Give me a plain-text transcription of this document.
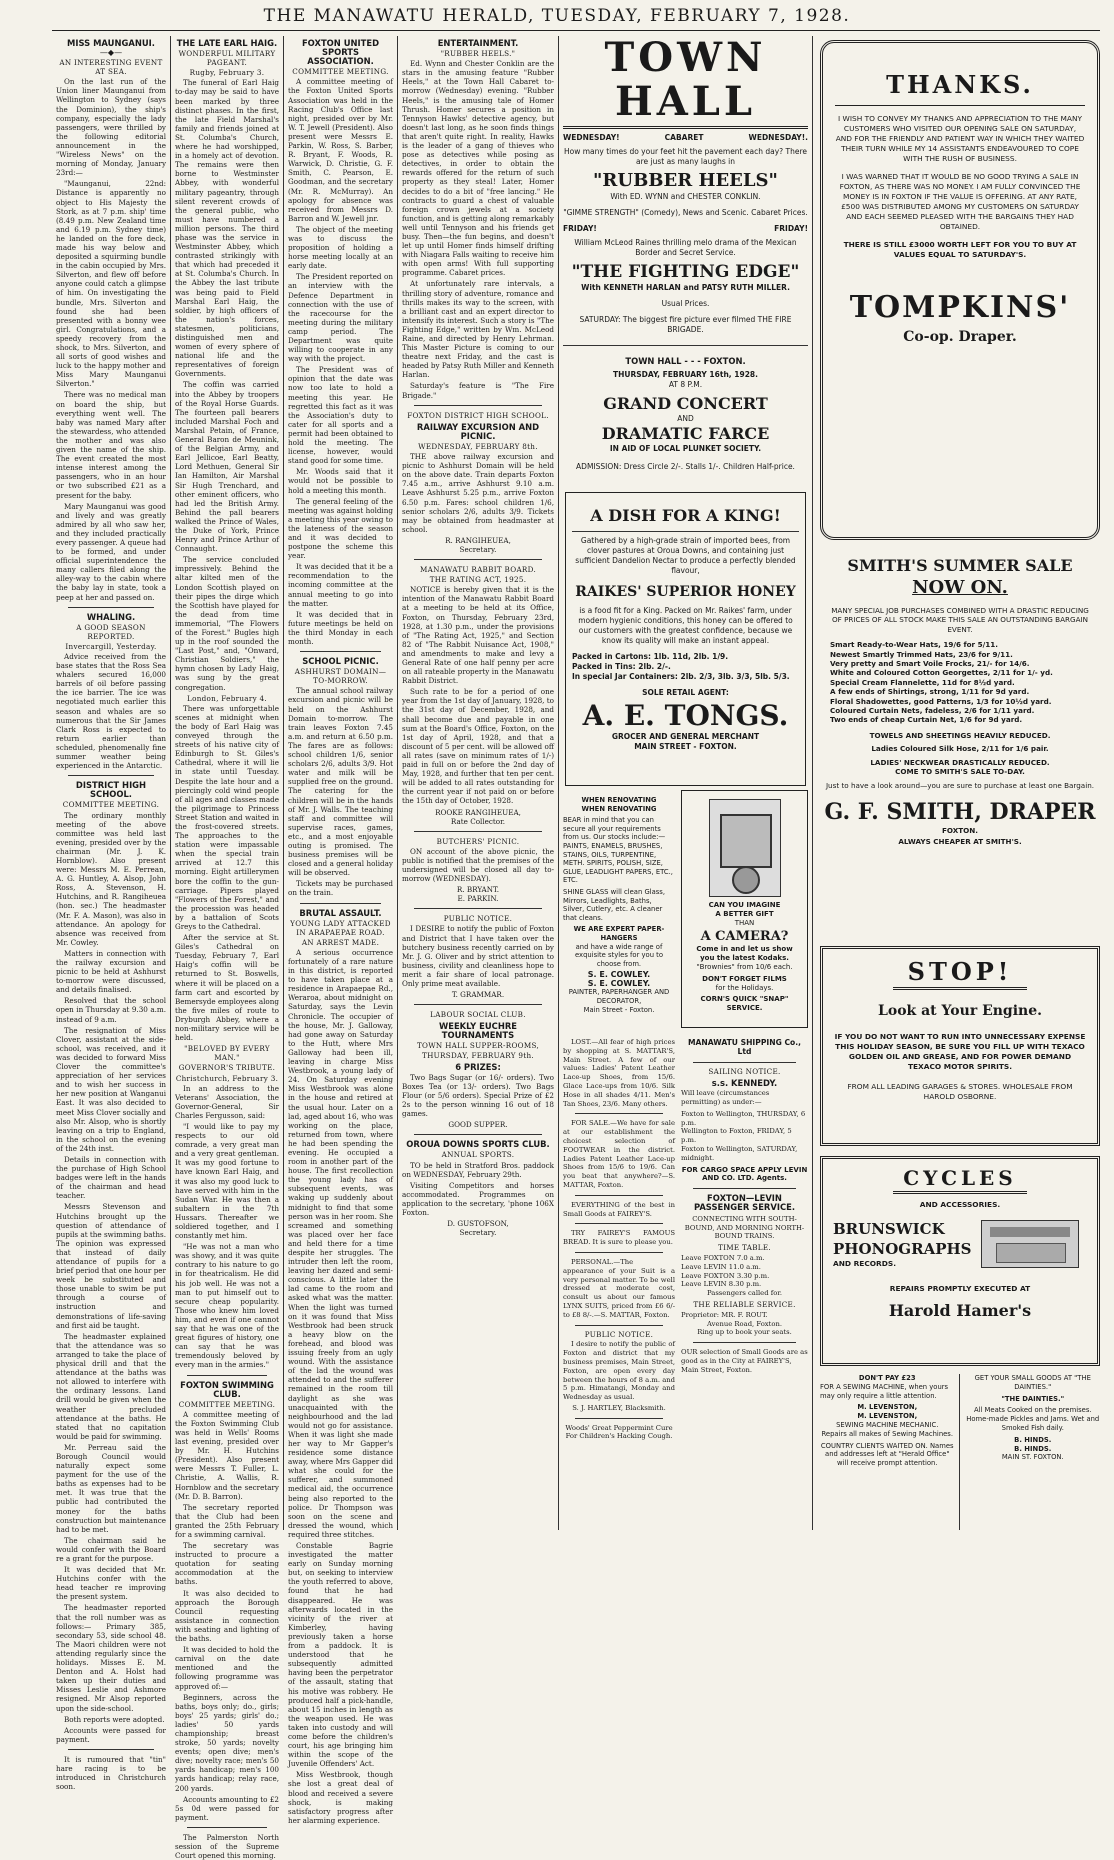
THE MANAWATU HERALD, TUESDAY, FEBRUARY 7, 1928.
MISS MAUNGANUI.
—◆—
AN INTERESTING EVENT AT SEA.

On the last run of the Union liner Maunganui from Wellington to Sydney (says the Dominion), the ship's company, especially the lady passengers, were thrilled by the following editorial announcement in the "Wireless News" on the morning of Monday, January 23rd:—

"Maunganui, 22nd: Distance is apparently no object to His Majesty the Stork, as at 7 p.m. ship' time (8.49 p.m. New Zealand time and 6.19 p.m. Sydney time) he landed on the fore deck, made his way below and deposited a squirming bundle in the cabin occupied by Mrs. Silverton, and flew off before anyone could catch a glimpse of him. On investigating the bundle, Mrs. Silverton and found she had been presented with a bonny wee girl. Congratulations, and a speedy recovery from the shock, to Mrs. Silverton, and all sorts of good wishes and luck to the happy mother and Miss Mary Maunganui Silverton."

There was no medical man on board the ship, but everything went well. The baby was named Mary after the stewardess, who attended the mother and was also given the name of the ship. The event created the most intense interest among the passengers, who in an hour or two subscribed £21 as a present for the baby.

Mary Maunganui was good and lively and was greatly admired by all who saw her, and they included practically every passenger. A queue had to be formed, and under official superintendence the many callers filed along the alley-way to the cabin where the baby lay in state, took a peep at her and passed on.

WHALING.
A GOOD SEASON REPORTED.
Invercargill, Yesterday.

Advice received from the base states that the Ross Sea whalers secured 16,000 barrels of oil before passing the ice barrier. The ice was negotiated much earlier this season and whales are so numerous that the Sir James Clark Ross is expected to return earlier than scheduled, phenomenally fine summer weather being experienced in the Antarctic.

DISTRICT HIGH SCHOOL.
COMMITTEE MEETING.

The ordinary monthly meeting of the above committee was held last evening, presided over by the chairman (Mr. J. K. Hornblow). Also present were: Messrs M. E. Perrean, A. G. Huntley, A. Alsop, John Ross, A. Stevenson, H. Hutchins, and R. Rangiheuea (hon. sec.) The headmaster (Mr. F. A. Mason), was also in attendance. An apology for absence was received from Mr. Cowley.

Matters in connection with the railway excursion and picnic to be held at Ashhurst to-morrow were discussed, and details finalised.

Resolved that the school open in Thursday at 9.30 a.m. instead of 9 a.m.

The resignation of Miss Clover, assistant at the side-school, was received, and it was decided to forward Miss Clover the committee's appreciation of her services and to wish her success in her new position at Wanganui East. It was also decided to meet Miss Clover socially and also Mr. Alsop, who is shortly leaving on a trip to England, in the school on the evening of the 24th inst.

Details in connection with the purchase of High School badges were left in the hands of the chairman and head teacher.

Messrs Stevenson and Hutchins brought up the question of attendance of pupils at the swimming baths. The opinion was expressed that instead of daily attendance of pupils for a brief period that one hour per week be substituted and those unable to swim be put through a course of instruction and demonstrations of life-saving and first aid be taught.

The headmaster explained that the attendance was so arranged to take the place of physical drill and that the attendance at the baths was not allowed to interfere with the ordinary lessons. Land drill would be given when the weather precluded attendance at the baths. He stated that no capitation would be paid for swimming.

Mr. Perreau said the Borough Council would naturally expect some payment for the use of the baths as expenses had to be met. It was true that the public had contributed the money for the baths construction but maintenance had to be met.

The chairman said he would confer with the Board re a grant for the purpose.

It was decided that Mr. Hutchins confer with the head teacher re improving the present system.

The headmaster reported that the roll number was as follows:— Primary 385, secondary 53, side school 48. The Maori children were not attending regularly since the holidays. Misses E. M. Denton and A. Holst had taken up their duties and Misses Leslie and Ashmore resigned. Mr Alsop reported upon the side-school.

Both reports were adopted.

Accounts were passed for payment.

It is rumoured that "tin" hare racing is to be introduced in Christchurch soon.

THE LATE EARL HAIG.
WONDERFUL MILITARY PAGEANT.
Rugby, February 3.

The funeral of Earl Haig to-day may be said to have been marked by three distinct phases. In the first, the late Field Marshal's family and friends joined at St. Columba's Church, where he had worshipped, in a homely act of devotion. The remains were then borne to Westminster Abbey, with wonderful military pageantry, through silent reverent crowds of the general public, who must have numbered a million persons. The third phase was the service in Westminster Abbey, which contrasted strikingly with that which had preceded it at St. Columba's Church. In the Abbey the last tribute was being paid to Field Marshal Earl Haig, the soldier, by high officers of the nation's forces, statesmen, politicians, distinguished men and women of every sphere of national life and the representatives of foreign Governments.

The coffin was carried into the Abbey by troopers of the Royal Horse Guards. The fourteen pall bearers included Marshal Foch and Marshal Petain, of France, General Baron de Meunink, of the Belgian Army, and Earl Jellicoe, Earl Beatty, Lord Methuen, General Sir Ian Hamilton, Air Marshal Sir Hugh Trenchard, and other eminent officers, who had led the British Army. Behind the pall bearers walked the Prince of Wales, the Duke of York, Prince Henry and Prince Arthur of Connaught.

The service concluded impressively. Behind the altar kilted men of the London Scottish played on their pipes the dirge which the Scottish have played for the dead from time immemorial, "The Flowers of the Forest." Bugles high up in the roof sounded the "Last Post," and, "Onward, Christian Soldiers," the hymn chosen by Lady Haig, was sung by the great congregation.

London, February 4.

There was unforgettable scenes at midnight when the body of Earl Haig was conveyed through the streets of his native city of Edinburgh to St. Giles's Cathedral, where it will lie in state until Tuesday. Despite the late hour and a piercingly cold wind people of all ages and classes made the pilgrimage to Princess Street Station and waited in the frost-covered streets. The approaches to the station were impassable when the special train arrived at 12.7 this morning. Eight artillerymen bore the coffin to the gun-carriage. Pipers played "Flowers of the Forest," and the procession was headed by a battalion of Scots Greys to the Cathedral.

After the service at St. Giles's Cathedral on Tuesday, February 7, Earl Haig's coffin will be returned to St. Boswells, where it will be placed on a farm cart and escorted by Bemersyde employees along the five miles of route to Dryburgh Abbey, where a non-military service will be held.

"BELOVED BY EVERY MAN."
GOVERNOR'S TRIBUTE.
Christchurch, February 3.

In an address to the Veterans' Association, the Governor-General, Sir Charles Fergusson, said:

"I would like to pay my respects to our old comrade, a very great man and a very great gentleman. It was my good fortune to have known Earl Haig, and it was also my good luck to have served with him in the Sudan War. He was then a subaltern in the 7th Hussars. Thereafter we soldiered together, and I constantly met him.

"He was not a man who was showy, and it was quite contrary to his nature to go in for theatricalism. He did his job well. He was not a man to put himself out to secure cheap popularity. Those who knew him loved him, and even if one cannot say that he was one of the great figures of history, one can say that he was tremendously beloved by every man in the armies."

FOXTON SWIMMING CLUB.
COMMITTEE MEETING.

A committee meeting of the Foxton Swimming Club was held in Wells' Rooms last evening, presided over by Mr. H. Hutchins (President). Also present were Messrs T. Fuller, L. Christie, A. Wallis, R. Hornblow and the secretary (Mr. D. B. Barron).

The secretary reported that the Club had been granted the 25th February for a swimming carnival.

The secretary was instructed to procure a quotation for seating accommodation at the baths.

It was also decided to approach the Borough Council requesting assistance in connection with seating and lighting of the baths.

It was decided to hold the carnival on the date mentioned and the following programme was approved of:—

Beginners, across the baths, boys only; do., girls; boys' 25 yards; girls' do.; ladies' 50 yards championship; breast stroke, 50 yards; novelty events; open dive; men's dive; novelty race; men's 50 yards handicap; men's 100 yards handicap; relay race, 200 yards.

Accounts amounting to £2 5s 0d were passed for payment.

The Palmerston North session of the Supreme Court opened this morning.

FOXTON UNITED SPORTS ASSOCIATION.
COMMITTEE MEETING.

A committee meeting of the Foxton United Sports Association was held in the Racing Club's Office last night, presided over by Mr. W. T. Jewell (President). Also present were Messrs E. Parkin, W. Ross, S. Barber, R. Bryant, F. Woods, R. Warwick, D. Christie, G. F. Smith, C. Pearson, E. Goodman, and the secretary (Mr. R. McMurray). An apology for absence was received from Messrs D. Barron and W. Jewell jnr.

The object of the meeting was to discuss the proposition of holding a horse meeting locally at an early date.

The President reported on an interview with the Defence Department in connection with the use of the racecourse for the meeting during the military camp period. The Department was quite willing to cooperate in any way with the project.

The President was of opinion that the date was now too late to hold a meeting this year. He regretted this fact as it was the Association's duty to cater for all sports and a permit had been obtained to hold the meeting. The license, however, would stand good for some time.

Mr. Woods said that it would not be possible to hold a meeting this month.

The general feeling of the meeting was against holding a meeting this year owing to the lateness of the season and it was decided to postpone the scheme this year.

It was decided that it be a recommendation to the incoming committee at the annual meeting to go into the matter.

It was decided that in future meetings be held on the third Monday in each month.

SCHOOL PICNIC.
ASHHURST DOMAIN—TO-MORROW.

The annual school railway excursion and picnic will be held on the Ashhurst Domain to-morrow. The train leaves Foxton 7.45 a.m. and return at 6.50 p.m. The fares are as follows: school children 1/6, senior scholars 2/6, adults 3/9. Hot water and milk will be supplied free on the ground. The catering for the children will be in the hands of Mr. J. Walls. The teaching staff and committee will supervise races, games, etc., and a most enjoyable outing is promised. The business premises will be closed and a general holiday will be observed.

Tickets may be purchased on the train.

BRUTAL ASSAULT.
YOUNG LADY ATTACKED IN ARAPAEPAE ROAD.
AN ARREST MADE.

A serious occurrence fortunately of a rare nature in this district, is reported to have taken place at a residence in Arapaepae Rd., Weraroa, about midnight on Saturday, says the Levin Chronicle. The occupier of the house, Mr. J. Galloway, had gone away on Saturday to the Hutt, where Mrs Galloway had been ill, leaving in charge Miss Westbrook, a young lady of 24. On Saturday evening Miss Westbrook was alone in the house and retired at the usual hour. Later on a lad, aged about 16, who was working on the place, returned from town, where he had been spending the evening. He occupied a room in another part of the house. The first recollection the young lady has of subsequent events, was waking up suddenly about midnight to find that some person was in her room. She screamed and something was placed over her face and held there for a time despite her struggles. The intruder then left the room, leaving her dazed and semi-conscious. A little later the lad came to the room and asked what was the matter. When the light was turned on it was found that Miss Westbrook had been struck a heavy blow on the forehead, and blood was issuing freely from an ugly wound. With the assistance of the lad the wound was attended to and the sufferer remained in the room till daylight as she was unacquainted with the neighbourhood and the lad would not go for assistance. When it was light she made her way to Mr Gapper's residence some distance away, where Mrs Gapper did what she could for the sufferer, and summoned medical aid, the occurrence being also reported to the police. Dr Thompson was soon on the scene and dressed the wound, which required three stitches.

Constable Bagrie investigated the matter early on Sunday morning but, on seeking to interview the youth referred to above, found that he had disappeared. He was afterwards located in the vicinity of the river at Kimberley, having previously taken a horse from a paddock. It is understood that he subsequently admitted having been the perpetrator of the assault, stating that his motive was robbery. He produced half a pick-handle, about 15 inches in length as the weapon used. He was taken into custody and will come before the children's court, his age bringing him within the scope of the Juvenile Offenders' Act.

Miss Westbrook, though she lost a great deal of blood and received a severe shock, is making satisfactory progress after her alarming experience.

ENTERTAINMENT.
"RUBBER HEELS."

Ed. Wynn and Chester Conklin are the stars in the amusing feature "Rubber Heels," at the Town Hall Cabaret to-morrow (Wednesday) evening. "Rubber Heels," is the amusing tale of Homer Thrush. Homer secures a position in Tennyson Hawks' detective agency, but doesn't last long, as he soon finds things that aren't quite right. In reality, Hawks is the leader of a gang of thieves who pose as detectives while posing as detectives, in order to obtain the rewards offered for the return of such property as they steal! Later, Homer decides to do a bit of "free lancing." He contracts to guard a chest of valuable foreign crown jewels at a society function, and is getting along remarkably well until Tennyson and his friends get busy. Then—the fun begins, and doesn't let up until Homer finds himself drifting with Niagara Falls waiting to receive him with open arms! With full supporting programme. Cabaret prices.

At unfortunately rare intervals, a thrilling story of adventure, romance and thrills makes its way to the screen, with a brilliant cast and an expert director to intensify its interest. Such a story is "The Fighting Edge," written by Wm. McLeod Raine, and directed by Henry Lehrman. This Master Picture is coming to our theatre next Friday, and the cast is headed by Patsy Ruth Miller and Kenneth Harlan.

Saturday's feature is "The Fire Brigade."

FOXTON DISTRICT HIGH SCHOOL.
RAILWAY EXCURSION AND PICNIC.
WEDNESDAY, FEBRUARY 8th.

THE above railway excursion and picnic to Ashhurst Domain will be held on the above date. Train departs Foxton 7.45 a.m., arrive Ashhurst 9.10 a.m. Leave Ashhurst 5.25 p.m., arrive Foxton 6.50 p.m. Fares: school children 1/6, senior scholars 2/6, adults 3/9. Tickets may be obtained from headmaster at school.

R. RANGIHEUEA,
Secretary.
MANAWATU RABBIT BOARD.
THE RATING ACT, 1925.

NOTICE is hereby given that it is the intention of the Manawatu Rabbit Board at a meeting to be held at its Office, Foxton, on Thursday, February 23rd, 1928, at 1.30 p.m., under the provisions of "The Rating Act, 1925," and Section 82 of "The Rabbit Nuisance Act, 1908," and amendments to make and levy a General Rate of one half penny per acre on all rateable property in the Manawatu Rabbit District.

Such rate to be for a period of one year from the 1st day of January, 1928, to the 31st day of December, 1928, and shall become due and payable in one sum at the Board's Office, Foxton, on the 1st day of April, 1928, and that a discount of 5 per cent. will be allowed off all rates (save on minimum rates of 1/-) paid in full on or before the 2nd day of May, 1928, and further that ten per cent. will be added to all rates outstanding for the current year if not paid on or before the 15th day of October, 1928.

ROOKE RANGIHEUEA,
Rate Collector.
BUTCHERS' PICNIC.

ON account of the above picnic, the public is notified that the premises of the undersigned will be closed all day to-morrow (WEDNESDAY).

R. BRYANT.
E. PARKIN.
PUBLIC NOTICE.

I DESIRE to notify the public of Foxton and District that I have taken over the butchery business recently carried on by Mr. J. G. Oliver and by strict attention to business, civility and cleanliness hope to merit a fair share of local patronage. Only prime meat available.

T. GRAMMAR.
LABOUR SOCIAL CLUB.
WEEKLY EUCHRE TOURNAMENTS
TOWN HALL SUPPER-ROOMS, THURSDAY, FEBRUARY 9th.
6 PRIZES:

Two Bags Sugar (or 16/- orders). Two Boxes Tea (or 13/- orders). Two Bags Flour (or 5/6 orders). Special Prize of £2 2s to the person winning 16 out of 18 games.

GOOD SUPPER.
OROUA DOWNS SPORTS CLUB.
ANNUAL SPORTS.

TO be held in Stratford Bros. paddock on WEDNESDAY, February 29th.

Visiting Competitors and horses accommodated. Programmes on application to the secretary, 'phone 106X Foxton.

D. GUSTOFSON,
Secretary.
TOWN HALL
WEDNESDAY!	CABARET	WEDNESDAY!.
How many times do your feet hit the pavement each day? There are just as many laughs in
"RUBBER HEELS"
With ED. WYNN and CHESTER CONKLIN.
"GIMME STRENGTH" (Comedy), News and Scenic. Cabaret Prices.
FRIDAY!	FRIDAY!
William McLeod Raines thrilling melo drama of the Mexican Border and Secret Service.
"THE FIGHTING EDGE"
With KENNETH HARLAN and PATSY RUTH MILLER.
Usual Prices.
SATURDAY: The biggest fire picture ever filmed THE FIRE BRIGADE.
TOWN HALL - - - FOXTON.
THURSDAY, FEBRUARY 16th, 1928.
AT 8 P.M.
GRAND CONCERT
AND
DRAMATIC FARCE
IN AID OF LOCAL PLUNKET SOCIETY.
ADMISSION: Dress Circle 2/-. Stalls 1/-. Children Half-price.
A DISH FOR A KING!
Gathered by a high-grade strain of imported bees, from clover pastures at Oroua Downs, and containing just sufficient Dandelion Nectar to produce a perfectly blended flavour,
RAIKES' SUPERIOR HONEY
is a food fit for a King. Packed on Mr. Raikes' farm, under modern hygienic conditions, this honey can be offered to our customers with the greatest confidence, because we know its quality will make an instant appeal.
Packed in Cartons: 1lb. 11d, 2lb. 1/9.
Packed in Tins: 2lb. 2/-.
In special Jar Containers: 2lb. 2/3, 3lb. 3/3, 5lb. 5/3.
SOLE RETAIL AGENT:
A. E. TONGS.
GROCER AND GENERAL MERCHANT
MAIN STREET - FOXTON.
WHEN RENOVATING
WHEN RENOVATING
BEAR in mind that you can secure all your requirements from us. Our stocks include:—
PAINTS, ENAMELS, BRUSHES, STAINS, OILS, TURPENTINE, METH. SPIRITS, POLISH, SIZE, GLUE, LEADLIGHT PAPERS, ETC., ETC.
SHINE GLASS will clean Glass, Mirrors, Leadlights, Baths, Silver, Cutlery, etc. A cleaner that cleans.
WE ARE EXPERT PAPER-HANGERS
and have a wide range of exquisite styles for you to choose from.
S. E. COWLEY.
S. E. COWLEY.
PAINTER, PAPERHANGER AND DECORATOR,
Main Street - Foxton.
CAN YOU IMAGINE
A BETTER GIFT
THAN
A CAMERA?
Come in and let us show you the latest Kodaks.
"Brownies" from 10/6 each.
DON'T FORGET FILMS
for the Holidays.
CORN'S QUICK "SNAP" SERVICE.

LOST.—All fear of high prices by shopping at S. MATTAR'S, Main Street. A few of our values: Ladies' Patent Leather Lace-up Shoes, from 15/6. Glace Lace-ups from 10/6. Silk Hose in all shades 4/11. Men's Tan Shoes, 23/6. Many others.

FOR SALE.—We have for sale at our establishment the choicest selection of FOOTWEAR in the district. Ladies Patent Leather Lace-up Shoes from 15/6 to 19/6. Can you beat that anywhere?—S. MATTAR, Foxton.

EVERYTHING of the best in Small Goods at FAIREY'S.

TRY FAIREY'S FAMOUS BREAD. It is sure to please you.

PERSONAL.—The appearance of your Suit is a very personal matter. To be well dressed at moderate cost, consult us about our famous LYNX SUITS, priced from £6 6/- to £8 8/-.—S. MATTAR, Foxton.

PUBLIC NOTICE.

I desire to notify the public of Foxton and district that my business premises, Main Street, Foxton, are open every day between the hours of 8 a.m. and 5 p.m. Himatangi, Monday and Wednesday as usual.

S. J. HARTLEY, Blacksmith.
Woods' Great Peppermint Cure For Children's Hacking Cough.
MANAWATU SHIPPING Co., Ltd
SAILING NOTICE.
s.s. KENNEDY.
Will leave (circumstances permitting) as under:—
Foxton to Wellington, THURSDAY, 6 p.m.
Wellington to Foxton, FRIDAY, 5 p.m.
Foxton to Wellington, SATURDAY, midnight.
FOR CARGO SPACE APPLY LEVIN AND CO. LTD. Agents.
FOXTON—LEVIN PASSENGER SERVICE.
CONNECTING WITH SOUTH-BOUND, AND MORNING NORTH-BOUND TRAINS.
TIME TABLE.
Leave FOXTON 7.0 a.m.
Leave LEVIN 11.0 a.m.
Leave FOXTON 3.30 p.m.
Leave LEVIN 8.30 p.m.
Passengers called for.
THE RELIABLE SERVICE.
Proprietor: MR. F. ROUT.
Avenue Road, Foxton.
Ring up to book your seats.
OUR selection of Small Goods are as good as in the City at FAIREY'S, Main Street, Foxton.
THANKS.
I WISH TO CONVEY MY THANKS AND APPRECIATION TO THE MANY CUSTOMERS WHO VISITED OUR OPENING SALE ON SATURDAY, AND FOR THE FRIENDLY AND PATIENT WAY IN WHICH THEY WAITED THEIR TURN WHILE MY 14 ASSISTANTS ENDEAVOURED TO COPE WITH THE RUSH OF BUSINESS.
I WAS WARNED THAT IT WOULD BE NO GOOD TRYING A SALE IN FOXTON, AS THERE WAS NO MONEY. I AM FULLY CONVINCED THE MONEY IS IN FOXTON IF THE VALUE IS OFFERING. AT ANY RATE, £500 WAS DISTRIBUTED AMONG MY CUSTOMERS ON SATURDAY AND EACH SEEMED PLEASED WITH THE BARGAINS THEY HAD OBTAINED.
THERE IS STILL £3000 WORTH LEFT FOR YOU TO BUY AT VALUES EQUAL TO SATURDAY'S.
TOMPKINS'
Co-op. Draper.
SMITH'S SUMMER SALE
NOW ON.
MANY SPECIAL JOB PURCHASES COMBINED WITH A DRASTIC REDUCING OF PRICES OF ALL STOCK MAKE THIS SALE AN OUTSTANDING BARGAIN EVENT.
Smart Ready-to-Wear Hats, 19/6 for 5/11.
Newest Smartly Trimmed Hats, 23/6 for 9/11.
Very pretty and Smart Voile Frocks, 21/- for 14/6.
White and Coloured Cotton Georgettes, 2/11 for 1/- yd.
Special Cream Flannelette, 11d for 8½d yard.
A few ends of Shirtings, strong, 1/11 for 9d yard.
Floral Shadowettes, good Patterns, 1/3 for 10½d yard.
Coloured Curtain Nets, fadeless, 2/6 for 1/11 yard.
Two ends of cheap Curtain Net, 1/6 for 9d yard.
TOWELS AND SHEETINGS HEAVILY REDUCED.
Ladies Coloured Silk Hose, 2/11 for 1/6 pair.
LADIES' NECKWEAR DRASTICALLY REDUCED.
COME TO SMITH'S SALE TO-DAY.
Just to have a look around—you are sure to purchase at least one Bargain.
G. F. SMITH, DRAPER
FOXTON.
ALWAYS CHEAPER AT SMITH'S.
STOP!
Look at Your Engine.
IF YOU DO NOT WANT TO RUN INTO UNNECESSARY EXPENSE THIS HOLIDAY SEASON, BE SURE YOU FILL UP WITH TEXACO GOLDEN OIL AND GREASE, AND FOR POWER DEMAND TEXACO MOTOR SPIRITS.
FROM ALL LEADING GARAGES & STORES. WHOLESALE FROM HAROLD OSBORNE.
CYCLES
AND ACCESSORIES.
BRUNSWICK
PHONOGRAPHS
AND RECORDS.
REPAIRS PROMPTLY EXECUTED AT
Harold Hamer's
DON'T PAY £23
FOR A SEWING MACHINE, when yours may only require a little attention.
M. LEVENSTON,
M. LEVENSTON,
SEWING MACHINE MECHANIC.
Repairs all makes of Sewing Machines.
COUNTRY CLIENTS WAITED ON. Names and addresses left at "Herald Office" will receive prompt attention.
GET YOUR SMALL GOODS AT "THE DAINTIES."
"THE DAINTIES."
All Meats Cooked on the premises. Home-made Pickles and Jams. Wet and Smoked Fish daily.
B. HINDS.
B. HINDS.
MAIN ST. FOXTON.
